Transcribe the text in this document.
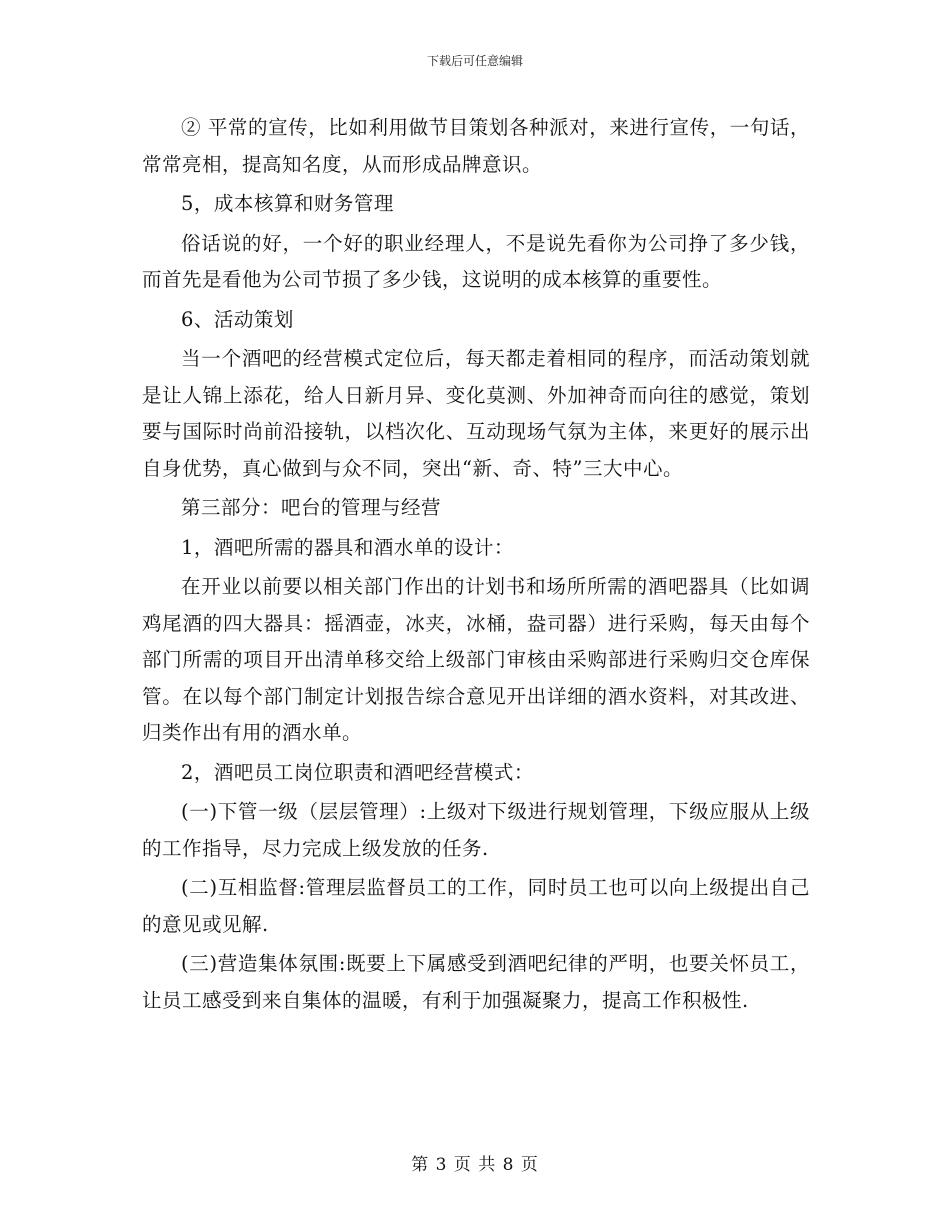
下载后可任意编辑

② 平常的宣传，比如利用做节目策划各种派对，来进行宣传，一句话，常常亮相，提高知名度，从而形成品牌意识。

5，成本核算和财务管理

俗话说的好，一个好的职业经理人，不是说先看你为公司挣了多少钱，而首先是看他为公司节损了多少钱，这说明的成本核算的重要性。

6、活动策划

当一个酒吧的经营模式定位后，每天都走着相同的程序，而活动策划就是让人锦上添花，给人日新月异、变化莫测、外加神奇而向往的感觉，策划要与国际时尚前沿接轨，以档次化、互动现场气氛为主体，来更好的展示出自身优势，真心做到与众不同，突出“新、奇、特”三大中心。

第三部分：吧台的管理与经营

1，酒吧所需的器具和酒水单的设计：

在开业以前要以相关部门作出的计划书和场所所需的酒吧器具（比如调鸡尾酒的四大器具：摇酒壶，冰夹，冰桶，盎司器）进行采购，每天由每个部门所需的项目开出清单移交给上级部门审核由采购部进行采购归交仓库保管。在以每个部门制定计划报告综合意见开出详细的酒水资料，对其改进、归类作出有用的酒水单。

2，酒吧员工岗位职责和酒吧经营模式：

(一)下管一级（层层管理）:上级对下级进行规划管理，下级应服从上级的工作指导，尽力完成上级发放的任务.

(二)互相监督:管理层监督员工的工作，同时员工也可以向上级提出自己的意见或见解.

(三)营造集体氛围:既要上下属感受到酒吧纪律的严明，也要关怀员工，让员工感受到来自集体的温暖，有利于加强凝聚力，提高工作积极性.

第 3 页 共 8 页
